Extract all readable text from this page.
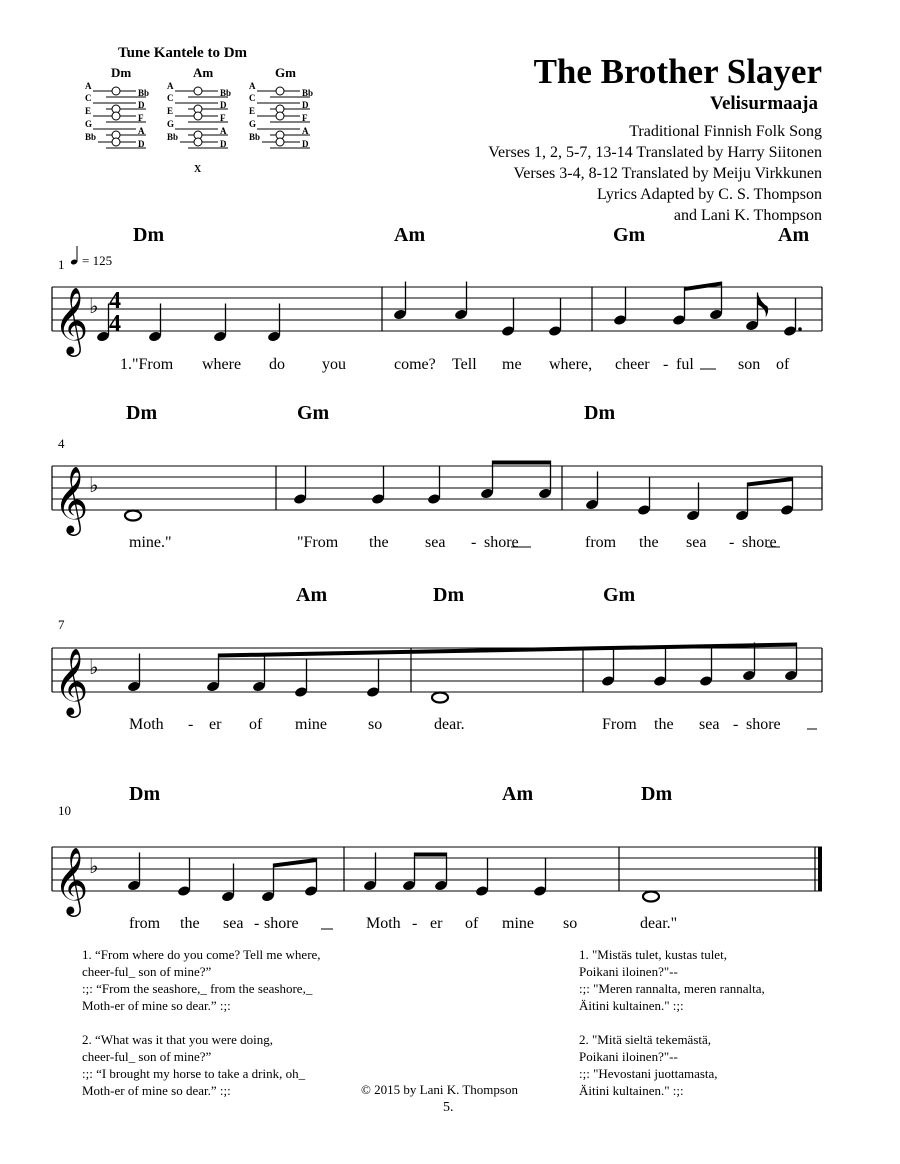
The Brother Slayer
Velisurmaaja
Traditional Finnish Folk Song
Verses 1, 2, 5-7, 13-14 Translated by Harry Siitonen
Verses 3-4, 8-12 Translated by Meiju Virkkunen
Lyrics Adapted by C. S. Thompson
and Lani K. Thompson
Tune Kantele to Dm
Dm
A
Bb
C
D
E
F
G
A
Bb
D
Am
A
Bb
C
D
E
F
G
A
Bb
D
X
Gm
A
Bb
C
D
E
F
G
A
Bb
D
𝄞 ♭ 4
4
𝄞 ♭
𝄞 ♭
𝄞 ♭
Dm	Am	Gm	Am
Dm	Gm	Dm
Am	Dm	Gm
Dm	Am	Dm
1 = 125
4
7
10
1."From where do you	come? Tell me where, cheer - ful	son of
mine."	"From the sea - shore	from the sea - shore
Moth - er of mine	so	dear.	From the sea - shore
from the sea - shore	Moth - er of mine so	dear."
1. “From where do you come? Tell me where,
cheer-ful_ son of mine?”
:;: “From the seashore,_ from the seashore,_
Moth-er of mine so dear.” :;:

2. “What was it that you were doing,
cheer-ful_ son of mine?”
:;: “I brought my horse to take a drink, oh_
Moth-er of mine so dear.” :;:
1. "Mistäs tulet, kustas tulet,
Poikani iloinen?"--
:;: "Meren rannalta, meren rannalta,
Äitini kultainen." :;:

2. "Mitä sieltä tekemästä,
Poikani iloinen?"--
:;: "Hevostani juottamasta,
Äitini kultainen." :;:
© 2015 by Lani K. Thompson
5.
